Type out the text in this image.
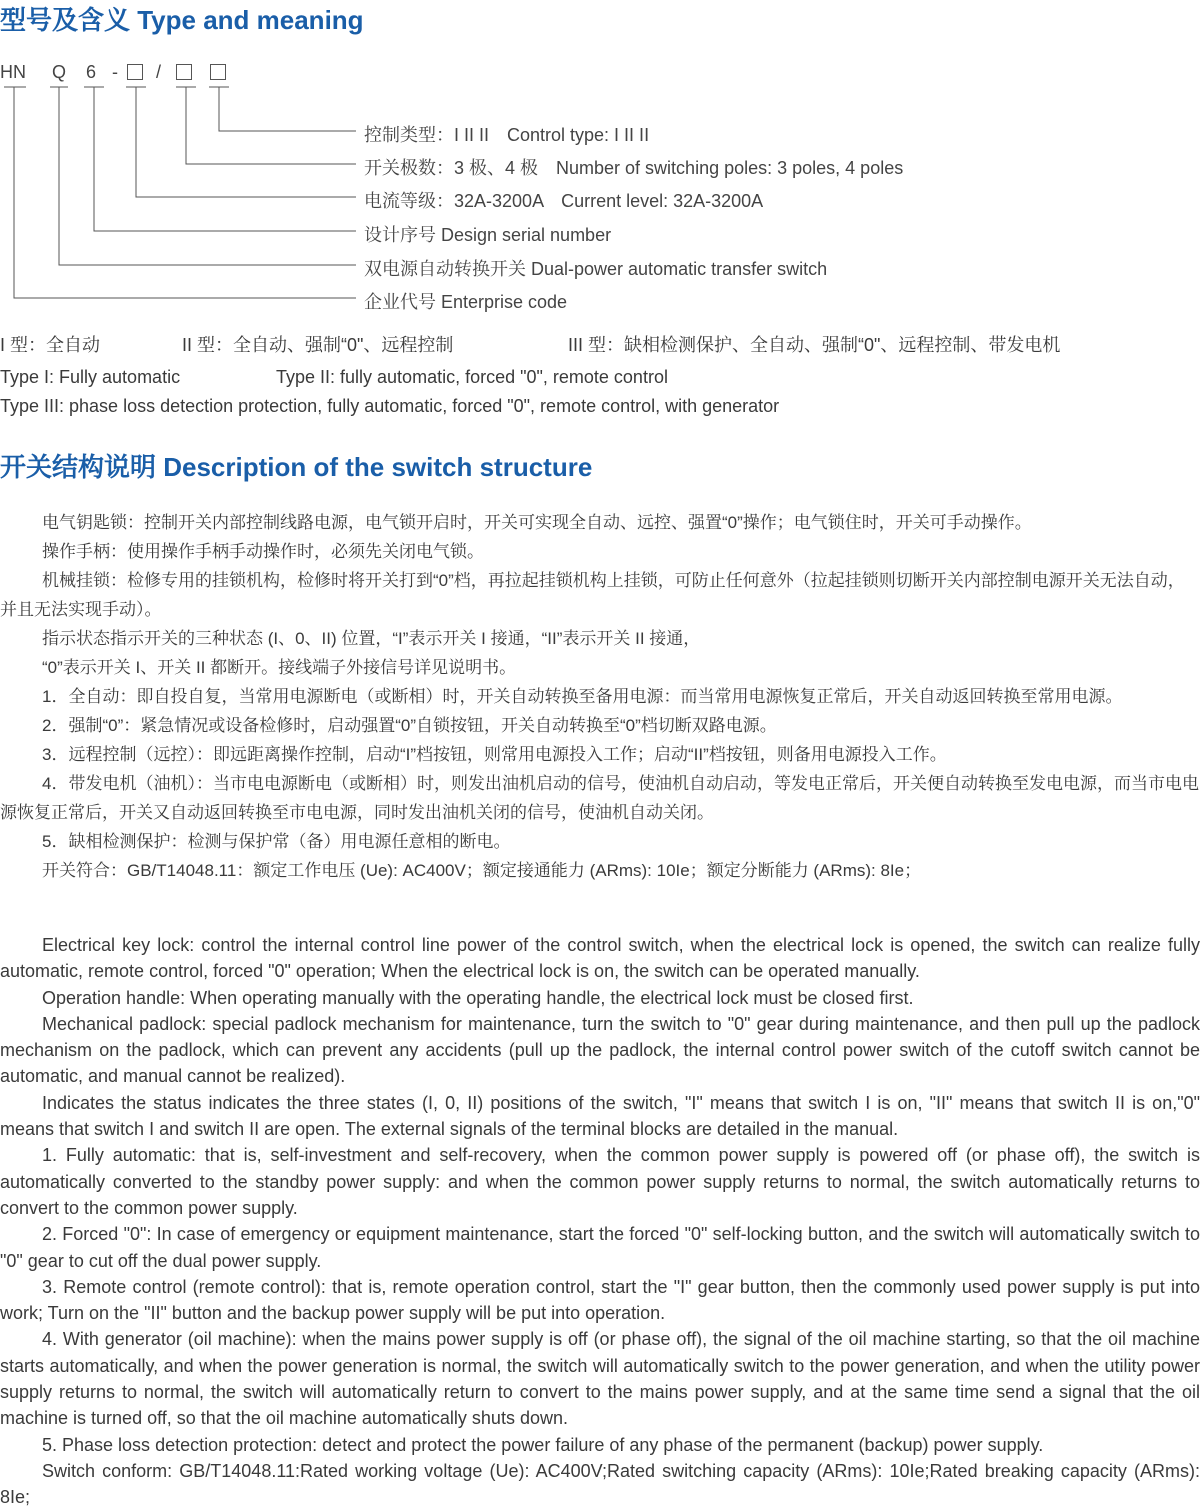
型号及含义 Type and meaning
HN Q 6 - /
控制类型：I II II　Control type: I II II
开关极数：3 极、4 极　Number of switching poles: 3 poles, 4 poles
电流等级：32A-3200A　Current level: 32A-3200A
设计序号 Design serial number
双电源自动转换开关 Dual-power automatic transfer switch
企业代号 Enterprise code
I 型：全自动	II 型：全自动、强制“0"、远程控制	III 型：缺相检测保护、全自动、强制“0"、远程控制、带发电机
Type I: Fully automatic	Type II: fully automatic, forced "0", remote control
Type III: phase loss detection protection, fully automatic, forced "0", remote control, with generator
开关结构说明 Description of the switch structure

电气钥匙锁：控制开关内部控制线路电源，电气锁开启时，开关可实现全自动、远控、强置“0”操作；电气锁住时，开关可手动操作。

操作手柄：使用操作手柄手动操作时，必须先关闭电气锁。

机械挂锁：检修专用的挂锁机构，检修时将开关打到“0”档，再拉起挂锁机构上挂锁，可防止任何意外（拉起挂锁则切断开关内部控制电源开关无法自动，并且无法实现手动）。

指示状态指示开关的三种状态 (I、0、II) 位置，“I”表示开关 I 接通，“II”表示开关 II 接通，

“0”表示开关 I、开关 II 都断开。接线端子外接信号详见说明书。

1．全自动：即自投自复，当常用电源断电（或断相）时，开关自动转换至备用电源：而当常用电源恢复正常后，开关自动返回转换至常用电源。

2．强制“0”：紧急情况或设备检修时，启动强置“0”自锁按钮，开关自动转换至“0”档切断双路电源。

3．远程控制（远控）：即远距离操作控制，启动“I”档按钮，则常用电源投入工作；启动“II”档按钮，则备用电源投入工作。

4．带发电机（油机）：当市电电源断电（或断相）时，则发出油机启动的信号，使油机自动启动，等发电正常后，开关便自动转换至发电电源，而当市电电源恢复正常后，开关又自动返回转换至市电电源，同时发出油机关闭的信号，使油机自动关闭。

5．缺相检测保护：检测与保护常（备）用电源任意相的断电。

开关符合：GB/T14048.11：额定工作电压 (Ue): AC400V；额定接通能力 (ARms): 10Ie；额定分断能力 (ARms): 8Ie；

Electrical key lock: control the internal control line power of the control switch, when the electrical lock is opened, the switch can realize fully automatic, remote control, forced "0" operation; When the electrical lock is on, the switch can be operated manually.

Operation handle: When operating manually with the operating handle, the electrical lock must be closed first.

Mechanical padlock: special padlock mechanism for maintenance, turn the switch to "0" gear during maintenance, and then pull up the padlock mechanism on the padlock, which can prevent any accidents (pull up the padlock, the internal control power switch of the cutoff switch cannot be automatic, and manual cannot be realized).

Indicates the status indicates the three states (I, 0, II) positions of the switch, "I" means that switch I is on, "II" means that switch II is on,"0" means that switch I and switch II are open. The external signals of the terminal blocks are detailed in the manual.

1. Fully automatic: that is, self-investment and self-recovery, when the common power supply is powered off (or phase off), the switch is automatically converted to the standby power supply: and when the common power supply returns to normal, the switch automatically returns to convert to the common power supply.

2. Forced "0": In case of emergency or equipment maintenance, start the forced "0" self-locking button, and the switch will automatically switch to "0" gear to cut off the dual power supply.

3. Remote control (remote control): that is, remote operation control, start the "I" gear button, then the commonly used power supply is put into work; Turn on the "II" button and the backup power supply will be put into operation.

4. With generator (oil machine): when the mains power supply is off (or phase off), the signal of the oil machine starting, so that the oil machine starts automatically, and when the power generation is normal, the switch will automatically switch to the power generation, and when the utility power supply returns to normal, the switch will automatically return to convert to the mains power supply, and at the same time send a signal that the oil machine is turned off, so that the oil machine automatically shuts down.

5. Phase loss detection protection: detect and protect the power failure of any phase of the permanent (backup) power supply.

Switch conform: GB/T14048.11:Rated working voltage (Ue): AC400V;Rated switching capacity (ARms): 10Ie;Rated breaking capacity (ARms): 8Ie;
